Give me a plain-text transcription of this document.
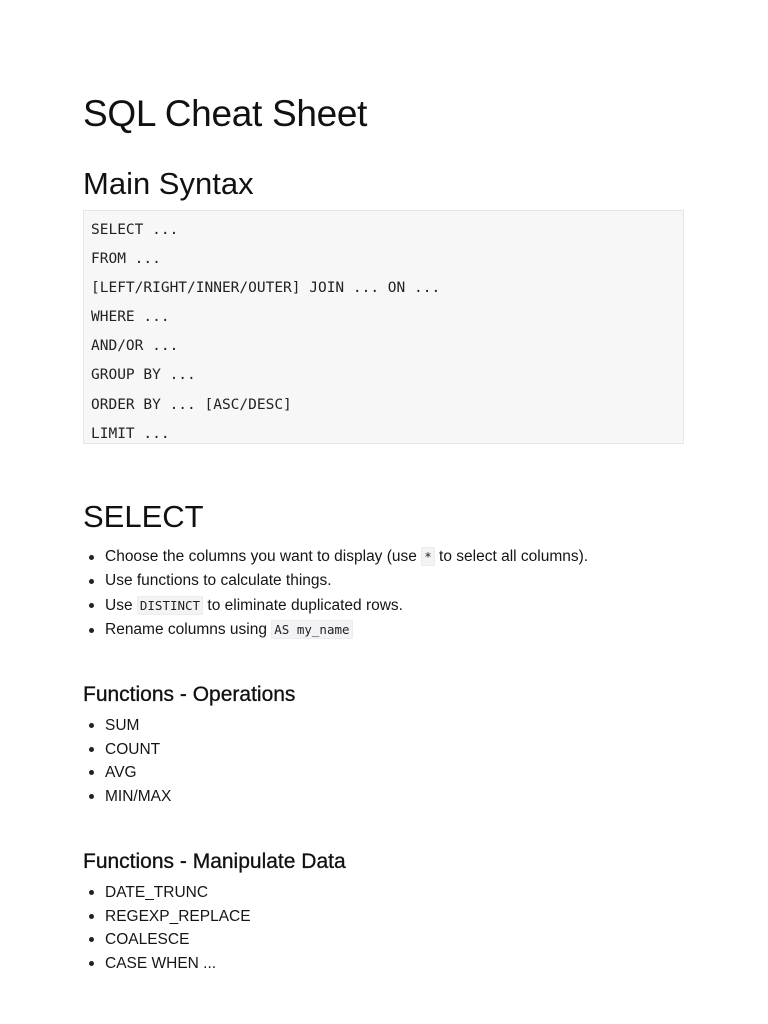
SQL Cheat Sheet
Main Syntax
SELECT ...
FROM ...
[LEFT/RIGHT/INNER/OUTER] JOIN ... ON ...
WHERE ...
AND/OR ...
GROUP BY ...
ORDER BY ... [ASC/DESC]
LIMIT ...
SELECT
Choose the columns you want to display (use * to select all columns).
Use functions to calculate things.
Use DISTINCT to eliminate duplicated rows.
Rename columns using AS my_name
Functions - Operations
SUM
COUNT
AVG
MIN/MAX
Functions - Manipulate Data
DATE_TRUNC
REGEXP_REPLACE
COALESCE
CASE WHEN ...
